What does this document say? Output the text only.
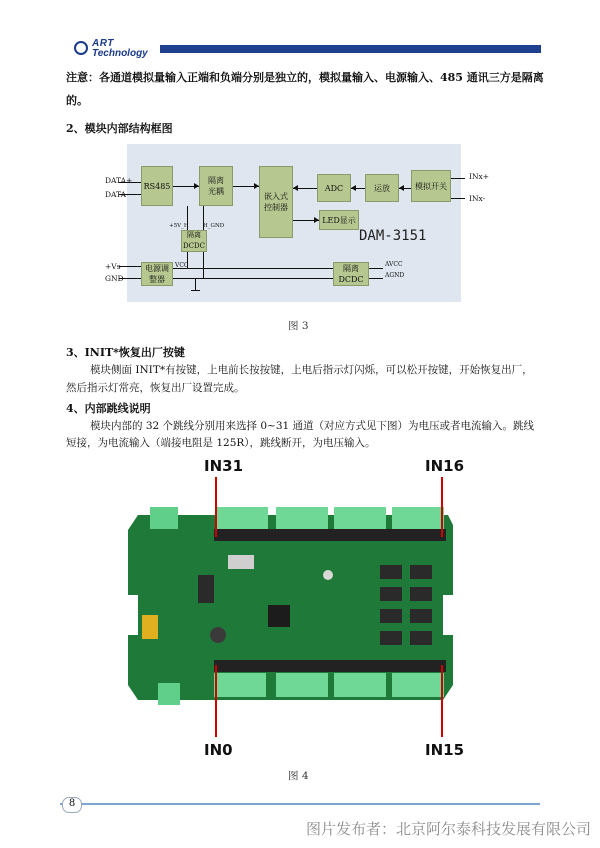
ART
Technology
注意：各通道模拟量输入正端和负端分别是独立的，模拟量输入、电源输入、485 通讯三方是隔离
的。
2、模块内部结构框图
RS485
隔离
光耦
嵌入式
控制器
ADC	运放	模拟开关
LED显示
隔离
DCDC
电源调
整器
隔离
DCDC
DAM-3151
DATA+
DATA-
INx+
INx-
+Vs
GND
VCC	AVCC
AGND
+5V_H	H_GND
图 3
3、INIT*恢复出厂按键
模块侧面 INIT*有按键，上电前长按按键，上电后指示灯闪烁，可以松开按键，开始恢复出厂，
然后指示灯常亮，恢复出厂设置完成。
4、内部跳线说明
模块内部的 32 个跳线分别用来选择 0~31 通道（对应方式见下图）为电压或者电流输入。跳线
短接，为电流输入（端接电阻是 125R），跳线断开，为电压输入。
IN31	IN16
IN0	IN15
图 4
8
图片发布者：北京阿尔泰科技发展有限公司
